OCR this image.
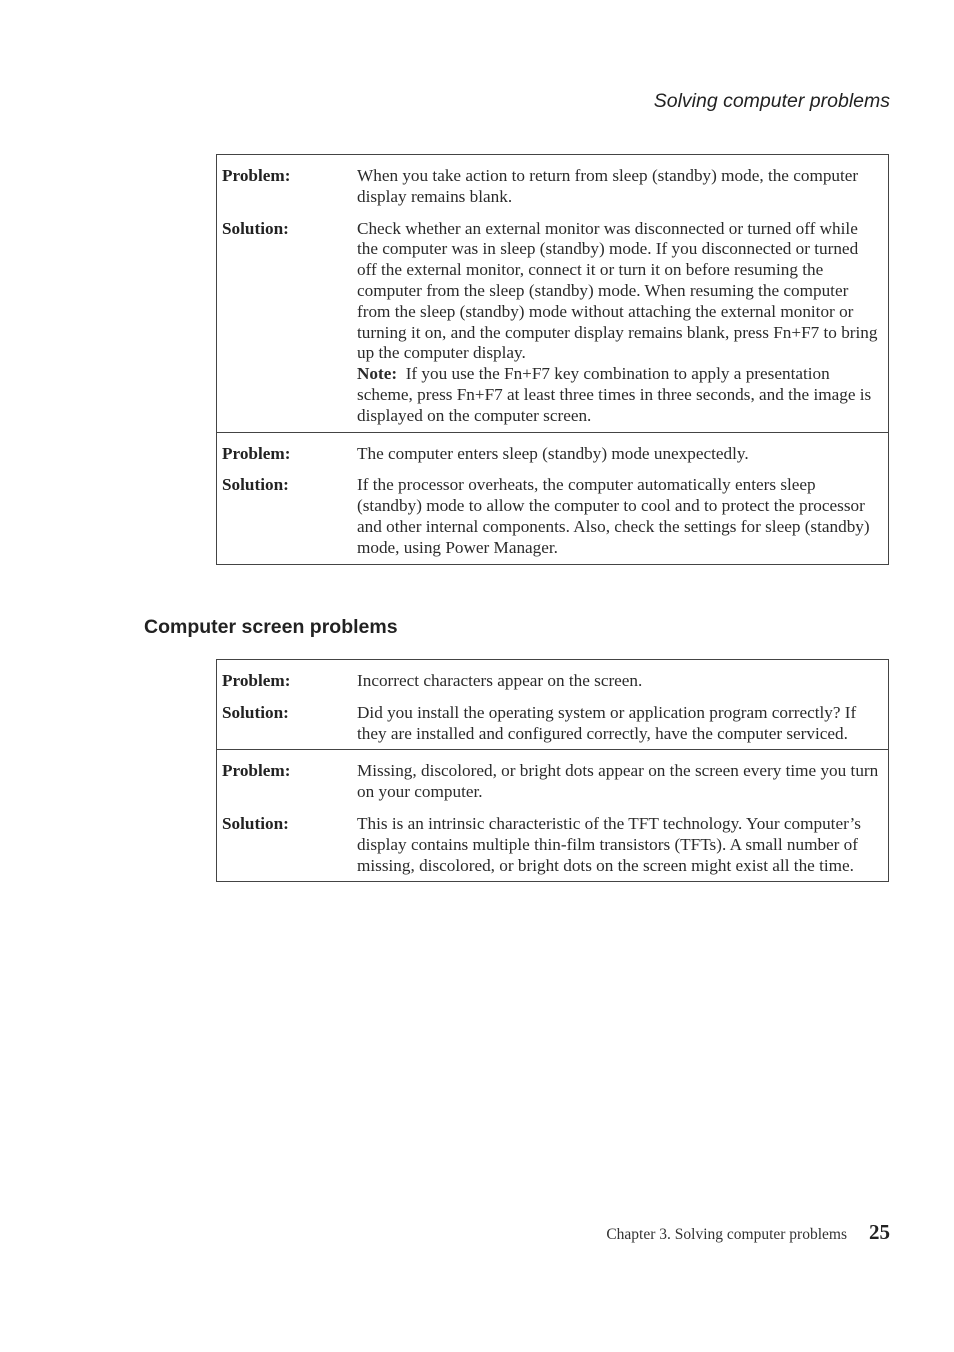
Solving computer problems
Problem:	When you take action to return from sleep (standby) mode, the computer display remains blank.
Solution:	Check whether an external monitor was disconnected or turned off while the computer was in sleep (standby) mode. If you disconnected or turned off the external monitor, connect it or turn it on before resuming the computer from the sleep (standby) mode. When resuming the computer from the sleep (standby) mode without attaching the external monitor or turning it on, and the computer display remains blank, press Fn+F7 to bring up the computer display.
Note: If you use the Fn+F7 key combination to apply a presentation scheme, press Fn+F7 at least three times in three seconds, and the image is displayed on the computer screen.
Problem:	The computer enters sleep (standby) mode unexpectedly.
Solution:	If the processor overheats, the computer automatically enters sleep (standby) mode to allow the computer to cool and to protect the processor and other internal components. Also, check the settings for sleep (standby) mode, using Power Manager.
Computer screen problems
Problem:	Incorrect characters appear on the screen.
Solution:	Did you install the operating system or application program correctly? If they are installed and configured correctly, have the computer serviced.
Problem:	Missing, discolored, or bright dots appear on the screen every time you turn on your computer.
Solution:	This is an intrinsic characteristic of the TFT technology. Your computer’s display contains multiple thin-film transistors (TFTs). A small number of missing, discolored, or bright dots on the screen might exist all the time.
Chapter 3. Solving computer problems 25
